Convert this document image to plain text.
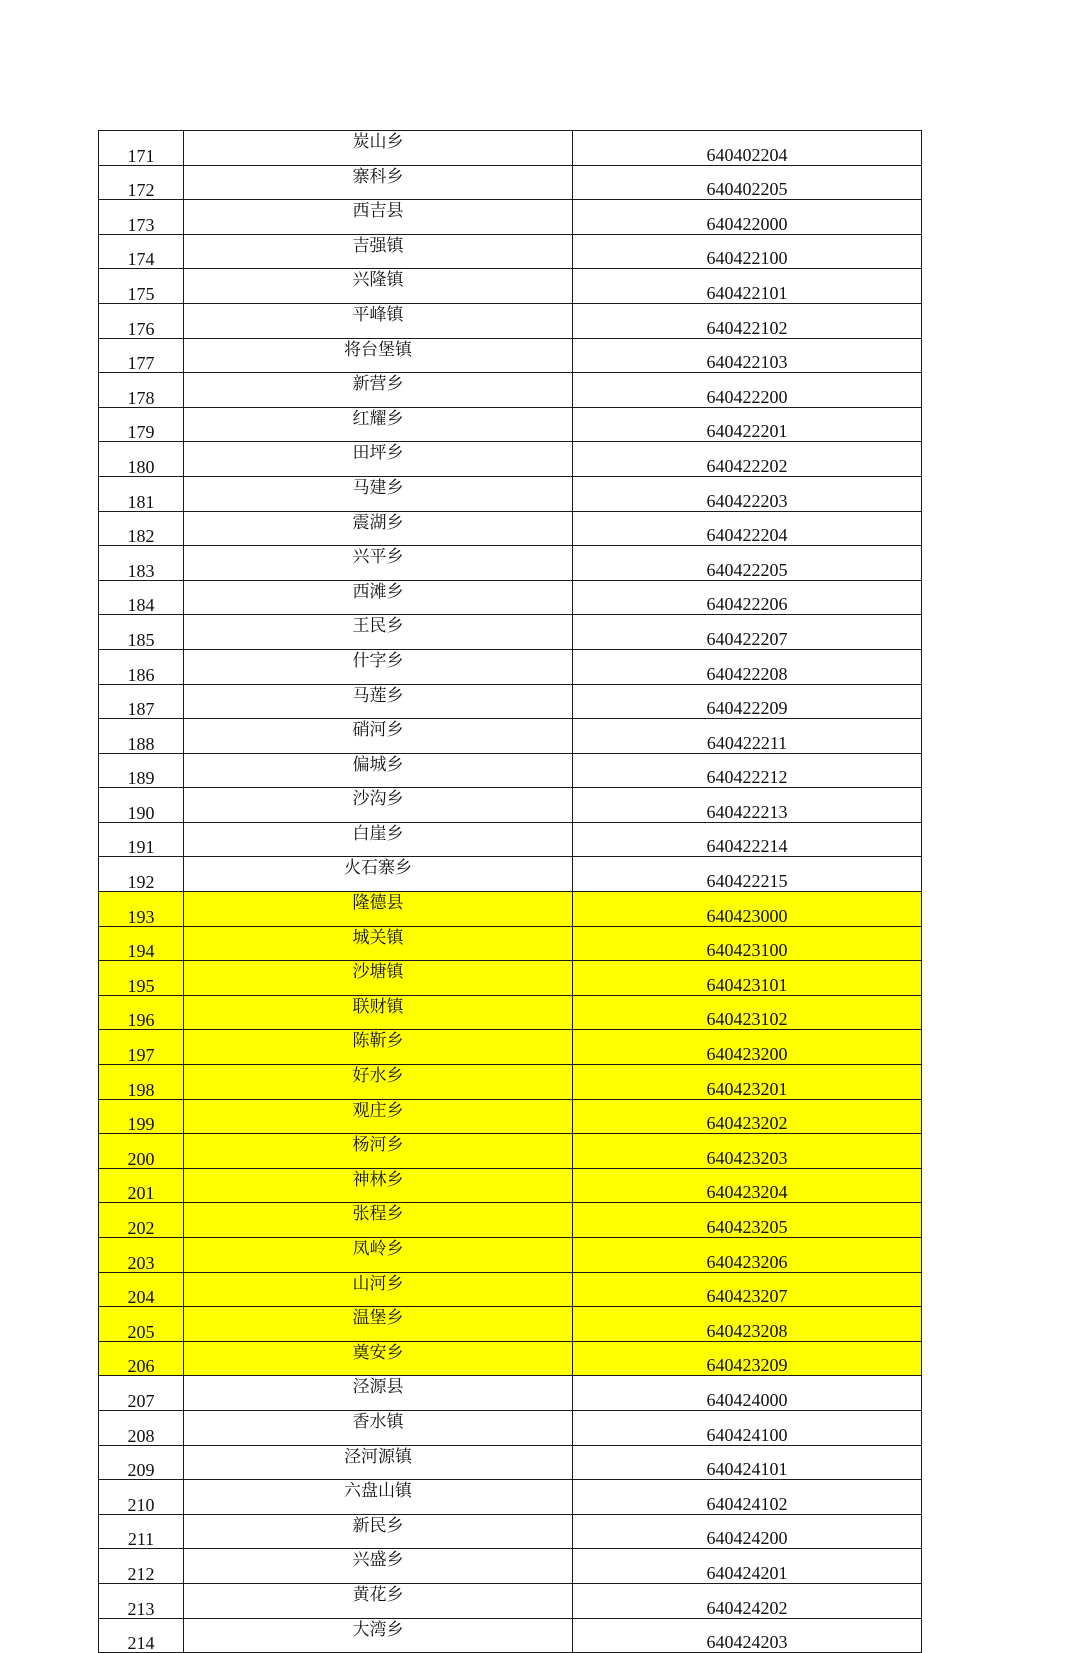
171	炭山乡	640402204
172	寨科乡	640402205
173	西吉县	640422000
174	吉强镇	640422100
175	兴隆镇	640422101
176	平峰镇	640422102
177	将台堡镇	640422103
178	新营乡	640422200
179	红耀乡	640422201
180	田坪乡	640422202
181	马建乡	640422203
182	震湖乡	640422204
183	兴平乡	640422205
184	西滩乡	640422206
185	王民乡	640422207
186	什字乡	640422208
187	马莲乡	640422209
188	硝河乡	640422211
189	偏城乡	640422212
190	沙沟乡	640422213
191	白崖乡	640422214
192	火石寨乡	640422215
193	隆德县	640423000
194	城关镇	640423100
195	沙塘镇	640423101
196	联财镇	640423102
197	陈靳乡	640423200
198	好水乡	640423201
199	观庄乡	640423202
200	杨河乡	640423203
201	神林乡	640423204
202	张程乡	640423205
203	凤岭乡	640423206
204	山河乡	640423207
205	温堡乡	640423208
206	奠安乡	640423209
207	泾源县	640424000
208	香水镇	640424100
209	泾河源镇	640424101
210	六盘山镇	640424102
211	新民乡	640424200
212	兴盛乡	640424201
213	黄花乡	640424202
214	大湾乡	640424203
